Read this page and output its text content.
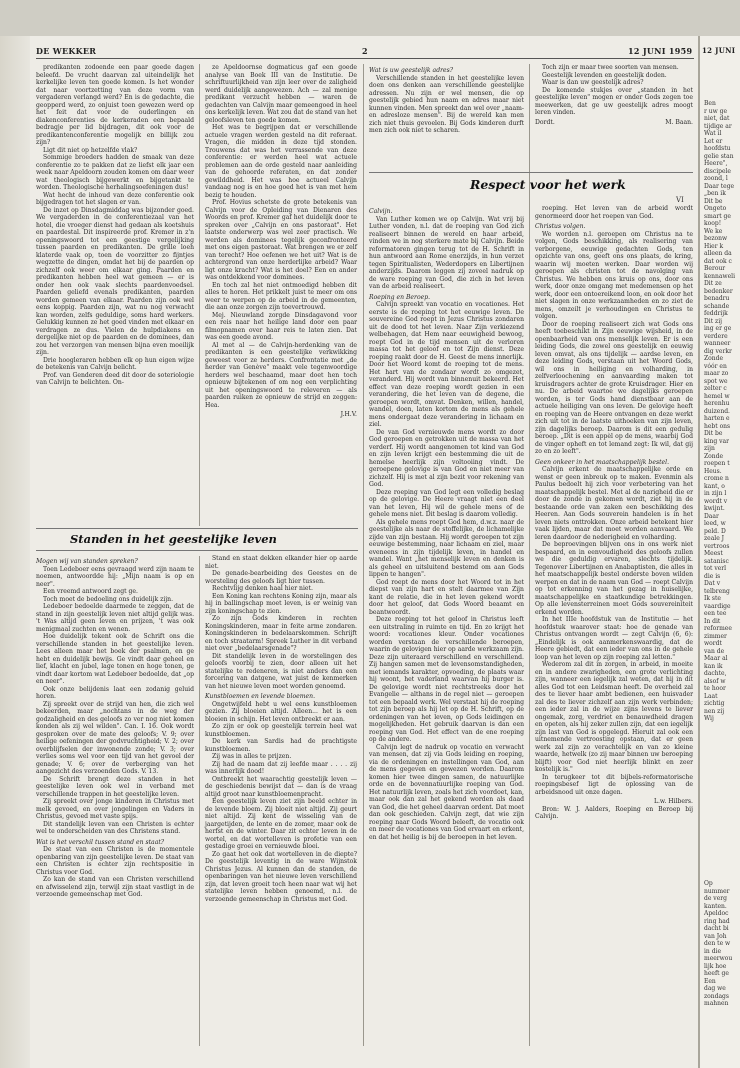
DE WEKKER	2	12 JUNI 1959 12 JUNI

predikanten zodoende een paar goede dagen beleefd. De vrucht daarvan zal uiteindelijk het kerkelijke leven ten goede komen. Is het wonder dat naar voortzetting van deze vorm van vergaderen verlangd werd? En is de gedachte, die geopperd werd, zo onjuist toen gewezen werd op het feit dat voor de ouderlingen en diakenconferenties de kerkeraden een bepaald bedragje per lid bijdragen, dit ook voor de predikantenconferentie mogelijk en billijk zou zijn?

Ligt dit niet op hetzelfde vlak?

Sommige broeders hadden de smaak van deze conferentie zo te pakken dat ze liefst elk jaar een week naar Apeldoorn zouden komen om daar weer wat theologisch bijgewerkt en bijgetankt te worden. Theologische herhalingsoefeningen dus!

Wat hecht de inhoud van deze conferentie ook bijgedragen tot het slagen er van.

De inzet op Dinsdagmiddag was bijzonder goed. We vergaderden in de conferentiezaal van het hotel, die vroeger dienst had gedaan als koetshuis en paardestal. Dit inspireerde prof. Kremer in z'n openingswoord tot een geestige vergelijking tussen paarden en predikanten. De grille loeh klaterde vaak op, toen de voorzitter zo fijntjes wegzette de dingen, omdat het bij de paarden op zichzelf ook weer om elkaar ging. Paarden en predikanten hebben heel wat gemeen — er is onder hen ook vaak slechts paardenvoedsel. Paarden geliefd evenals predikanten, paarden worden gemeen van elkaar. Paarden zijn ook wel eens koppig. Paarden zijn, wat nu nog verwacht kan worden, zelfs geduldige, soms hard werkers. Gelukkig kunnen ze het goed vinden met elkaar en verdragen ze dus. Vielen de hulpdiakens en dergelijke niet op de paarden en de dominees, dan zou het verzorgen van mensen bijna even moeilijk zijn.

Drie hoogleraren hebben elk op hun eigen wijze de betekenis van Calvijn belicht.

Prof. van Genderen deed dit door de soteriologie van Calvijn te belichten. On-

ze Apeldoornse dogmaticus gaf een goede analyse van Boek III van de Institutie. De schriftuurlijkheid van zijn leer over de zaligheid werd duidelijk aangewezen. Ach — zal menige predikant verzucht hebben — waren de gedachten van Calvijn maar gemeengoed in heel ons kerkelijk leven. Wat zou dat de stand van het geloofsleven ten goede komen.

Het was te begrijpen dat er verschillende actuele vragen werden gesteld na dit referaat. Vragen, die midden in deze tijd stonden. Trouwens dat was het verrassende van deze conferentie: er werden heel wat actuele problemen aan de orde gesteld naar aanleiding van de gehoorde referaten, en dat zonder gewilddheid. Het was hoe actueel Calvijn vandaag nog is en hoe goed het is van met hem bezig te houden.

Prof. Hovius schetste de grote betekenis van Calvijn voor de Opleiding van Dienaren des Woords en prof. Kremer gaf het duidelijk door te spreken over „Calvijn en ons pastoraat". Het laatste onderwerp was wel zeer practisch. We werden als dominees tegelijk geconfronteerd met ons eigen pastoraat. Wat brengen we er zelf van terecht? Hoe oefenen we het uit? Wat is de achtergrond van onze herderlijke arbeid? Waar ligt onze kracht? Wat is het doel? Een en ander was ontdekkend voor dominees.

En toch zal het niet ontmoedigd hebben dit alles te horen. Het prikkelt juist te meer om ons weer te werpen op de arbeid in de gemeenten, die aan onze zorgen zijn toevertrouwd.

Mej. Nieuwland zorgde Dinsdagavond voor een reis naar het heilige land door een paar filmopnamen over haar reis te laten zien. Dat was een goede avond.

Al met al — de Calvijn-herdenking van de predikanten is een geestelijke verkwikking geweest voor ze herders. Confrontatie met „de herder van Genève" maakt vele tegenwoordige herders wel beschaamd, maar doet hen toch opnieuw bijtekenen of om nog een verplichting uit het openingswoord te releveren — als paarden ruiken ze opnieuw de strijd en zeggen: Hea.

J.H.V.

Standen in het geestelijke leven

Mogen wij van standen spreken?

Toen Ledeboer eens gevraagd werd zijn naam te noemen, antwoordde hij: „Mijn naam is op en neer".

Een vreemd antwoord zegt ge.

Toch moet de bedoeling ons duidelijk zijn.

Ledeboer bedoelde daarmede te zeggen, dat de stand in zijn geestelijk leven niet altijd gelijk was. 't Was altijd geen leven en prijzen, 't was ook menigmaal zuchten en wenen.

Hoe duidelijk tekent ook de Schrift ons die verschillende standen in het geestelijke leven. Lees alleen maar het boek der psalmen, en ge hebt en duidelijk bewijs. Ge vindt daar geheel en lief, klacht en jubel, lage tonen en hoge tonen, ge vindt daar kortom wat Ledeboer bedoelde, dat „op en neer".

Ook onze belijdenis laat een zodanig geluid horen.

Zij spreekt over de strijd van hen, die zich wel bekeerden, maar „nochtans in de weg der godzaligheid en des geloofs zo ver nog niet komen konden als zij wel wilden". Can. I. 16. Ook wordt gesproken over de mate des geloofs; V. 9; over heilige oefeningen der godvruchtigheid; V. 2; over overblijfselen der inwonende zonde; V. 3; over verlies soms wel voor een tijd van het gevoel der genade; V. 6; over de verberging van het aangezicht des verzoenden Gods. V. 13.

De Schrift brengt deze standen in het geestelijke leven ook wel in verband met verschillende trappen in het geestelijke leven.

Zij spreekt over jonge kinderen in Christus met melk gevoed, en over jongelingen en Vaders in Christus, gevoed met vaste spijs.

Dit standelijk leven van een Christen is echter wel te onderscheiden van des Christens stand.

Wat is het verschil tussen stand en staat?

De staat van een Christen is de momentele openbaring van zijn geestelijke leven. De staat van een Christen is echter zijn rechtspositie in Christus voor God.

Zo kan de stand van een Christen verschillend en afwisselend zijn, terwijl zijn staat vastligt in de verzoende gemeenschap met God.

Stand en staat dekken elkander hier op aarde niet.

De genade-bearbeiding des Geestes en de worsteling des geloofs ligt hier tussen.

Rechtvlijg denken haal hier niet.

Een Koning kan rechtens Koning zijn, maar als hij in ballingschap moet leven, is er weinig van zijn koningschap te zien.

Zo zijn Gods kinderen in rechten Koningskinderen, maar in feite arme zondaren. Koningskinderen in bedelaarskommen. Schrijft en toch straatarm! Spreek Luther in dit verband niet over „bedelaarsgenade"?

Dit standelijk leven in de worstelingen des geloofs voorbij te zien, door alleen uit het statelijke te redeneren, is niet anders dan een forcering van datgene, wat juist de kenmerken van het nieuwe leven moet worden genoemd.

Kunstbloemen en levende bloemen.

Ongetwijfeld hebt u wel eens kunstbloemen gezien. Zij bloeien altijd. Alleen... het is een bloeien in schijn. Het leven ontbreekt er aan.

Zo zijn er ook op geestelijk terrein heel wat kunstbloemen.

De kerk van Sardis had de prachtigste kunstbloemen.

Zij was in alles te prijzen.

Zij had de naam dat zij leefde maar . . . . zij was innerlijk dood!

Ontbreekt het waarachtig geestelijk leven — de geschiedenis bewijst dat — dan is de vraag altijd groot naar kunstbloemenpracht.

Een geestelijk leven ziet zijn beeld echter in de levende bloem. Zij bloeit niet altijd. Zij geurt niet altijd. Zij kent de wisseling van de jaargetijden, de lente en de zomer, maar ook de herfst en de winter. Daar zit echter leven in de wortel, en dat wortelleven is profetie van een gestadige groei en vernieuwde bloei.

Zo gaat het ook dat wortelleven in de diepte? De geestelijk leventig in de ware Wijnstok Christus Jezus. Al kunnen dan de standen, de openbaringen van het nieuwe leven verschillend zijn, dat leven groeit toch heen naar wat wij het statelijke leven hebben genoemd, n.l. de verzoende gemeenschap in Christus met God.

Wat is uw geestelijk adres?

Verschillende standen in het geestelijke leven doen ons denken aan verschillende geestelijke adressen. Nu zijn er wel mensen, die op geestelijk gebied hun naam en adres maar niet kunnen vinden. Men spreekt dan wel over „naam- en adresloze mensen". Bij de wereld kan men zich niet thuis gevoelen. Bij Gods kinderen durft men zich ook niet te scharen.

Toch zijn er maar twee soorten van mensen.

Geestelijk levenden en geestelijk doden.

Waar is dan uw geestelijk adres?

De komende stukjes over „standen in het geestelijke leven" mogen er onder Gods zegen toe meewerken, dat ge uw geestelijk adres moogt leren vinden.

Dordt.	M. Baan.
Respect voor het werk
VI

Calvijn.

Van Luther komen we op Calvijn. Wat vrij bij Luther vonden, n.l. dat de roeping van God zich realiseert binnen de wereld en haar arbeid, vinden we in nog sterkere mate bij Calvijn. Beide reformatoren gingen terug tot de H. Schrift in hun antwoord aan Rome enerzijds, in hun verzet tegen Spiritualisten, Wederdopers en Libertijnen anderzijds. Daarom leggen zij zoveel nadruk op de ware roeping van God, die zich in het leven van de arbeid realiseert.

Roeping en Beroep.

Calvijn spreekt van vocatio en vocationes. Het eerste is de roeping tot het eeuwige leven. De souvereine God roept in Jezus Christus zondaren uit de dood tot het leven. Naar Zijn verkiezend welbehagen, dat Hem naar eeuwigheid bewoog, roept God in de tijd mensen uit de verloren massa tot het geloof en tot Zijn dienst. Deze roeping raakt door de H. Geest de mens innerlijk. Door het Woord komt de roeping tot de mens. Het hart van de zondaar wordt zo omgezet, veranderd. Hij wordt van binnenuit bekeerd. Het effect van deze roeping wordt gezien in een verandering, die het leven van de degene, die geroepen wordt, omvat. Denken, willen, handel, wandel, doen, laten kortom de mens als gehele mens ondergaat deze verandering in lichaam en ziel.

De van God vernieuwde mens wordt zo door God geroepen en getrokken uit de massa van het verderf. Hij wordt aangenomen tot kind van God en zijn leven krijgt een bestemming die uit de hemelse heerlijk zijn voltooiing vindt. De geroepene gelovige is van God en niet meer van zichzelf. Hij is met al zijn bezit voor rekening van God.

Deze roeping van God legt een volledig beslag op de gelovige. De Heere vraagt niet een deel van het leven, Hij wil de gehele mens of de gehele mens niet. Dit beslag is daarom volledig.

Als gehele mens roept God hem, d.w.z. naar de geestelijke als naar de stoffelijke, de lichamelijke zijde van zijn bestaan. Hij wordt geroepen tot zijn eeuwige bestemming, naar lichaam en ziel, maar eveneens in zijn tijdelijk leven, in handel en wandel. Want „het menselijk leven en denken is als geheel en uitsluitend bestemd om aan Gods lippen te hangen".

God roept de mens door het Woord tot in het diepst van zijn hart en stelt daarmee van Zijn kant de relatie, die in het leven gekend wordt door het geloof, dat Gods Woord beaamt en beantwoordt.

Deze roeping tot het geloof in Christus leeft een uitstraling in ruimte en tijd. En zo krijgt het woord: vocationes kleur. Onder vocationes worden verstaan de verschillende beroepen, waarin de gelovigen hier op aarde werkzaam zijn. Deze zijn uiteraard verschillend en verschillend. Zij hangen samen met de levensomstandigheden, met iemands karakter, opvoeding, de plaats waar hij woont, het vaderland waarvan hij burger is. De gelovige wordt niet rechtstreeks door het Evangelie — althans in de regel niet — geroepen tot een bepaald werk. Wel verstaat hij de roeping tot zijn beroep als hij let op de H. Schrift, op de ordeningen van het leven, op Gods leidingen en mogelijkheden. Het gebruik daarvan is dan een roeping van God. Het effect van de ene roeping op de andere.

Calvijn legt de nadruk op vocatio en verwacht van mensen, dat zij via Gods leiding en roeping, via de ordeningen en instellingen van God, aan de mens gegeven en gewezen worden. Daarom komen hier twee dingen samen, de natuurlijke orde en de bovennatuurlijke roeping van God. Het natuurlijk leven, zoals het zich voordoet, kan, maar ook dan zal het gekend worden als daad van God, die het geheel daarvan ordent. Dat moet dan ook geschieden. Calvijn zegt, dat wie zijn roeping naar Gods Woord beleeft, de vocatio ook en meer de vocationes van God ervaart en erkent, en dat het heilig is bij de beroepen in het leven.

roeping. Het leven van de arbeid wordt genormeerd door het roepen van God.

Christus volgen.

We worden n.l. geroepen om Christus na te volgen, Gods beschikking, als realisering van verborgene, eeuwige gedachten Gods, ten opzichte van ons, geeft ons ons plaats, de kring, waarin wij moeten werken. Daar worden wij geroepen als christen tot de navolging van Christus. We hebben ons kruis op ons, door ons werk, door onze omgang met medemensen op het werk, door een ontoereikend loon, en ook door het niet slagen in onze werkzaamheden en zo ziet de mens, omzeilt je verhoudingen en Christus te volgen.

Door de roeping realiseert zich wat Gods ons heeft toebeschikt in Zijn eeuwige wijsheid, in de openbaarheid van ons menselijk leven. Er is een leiding Gods, die zowel ons geestelijk en eeuwig leven omvat, als ons tijdelijk — aardse leven, en deze leiding Gods, verstaan uit het Woord Gods, wil ons in heiliging en volharding, in zelfverloochening en aanvaarding maken tot kruisdragers achter de grote Kruisdrager. Hier en nu. De arbeid waartoe we dagelijks geroepen worden, is ter Gods hand dienstbaar aan de actuele heiliging van ons leven. De gelovige heeft en roeping van de Heere ontvangen en deze werkt zich uit tot in de laatste uithoeken van zijn leven, zijn dagelijks beroep. Daarom is dit een gedulig beroep. „Dit is een appèl op de mens, waarbij God de vinger opheft en tot lemand zegt: Ik wil, dat gij zo en zo leeft".

Geen onkeer in het maatschappelijk bestel.

Calvijn erkent de maatschappelijke orde en wenst er geen inbreuk op te maken. Evenmin als Paulus bedoelt hij zich voor verbetering van het maatschappelijk bestel. Met al de narigheid die er door de zonde in gekomen wordt, ziet hij in de bestaande orde van zaken een beschikking des Heeren. Aan Gods souverein handelen is in het leven niets onttrokken. Onze arbeid betekent hier vaak lijden, maar dat moet worden aanvaard. We leren daardoor de nederigheid en volharding.

De beproevingen blijven ons in ons werk niet bespaard, en in eenvoudigheid des geloofs zullen we die geduldig ervaren, slechts tijdelijk. Tegenover Libertijnen en Anabaptisten, die alles in het maatschappelijk bestel onderste boven wilden werpen en dat in de naam van God — roept Calvijn op tot erkenning van het gezag in huiselijke, maatschappelijke en staatkundige betrekkingen. Op alle levensterreinen moet Gods souvereiniteit erkend worden.

In het IIIe hoofdstuk van de Institutie — het hoofdstuk waarover staat: hoe de genade van Christus ontvangen wordt — zegt Calvijn (6, 6): „Eindelijk is ook aanmerkenswaardig, dat de Heere gebiedt, dat een ieder van ons in de gehele loop van het leven op zijn roeping zal letten."

Wederom zal dit in zorgen, in arbeid, in moeite en in andere zwarigheden, een grote verlichting zijn, wanneer een iegelijk zal weten, dat hij in dit alles God tot een Leidsman heeft. De overheid zal des te liever haar ambt bedienen, een huisvader zal des te liever zichzelf aan zijn werk verbinden; een ieder zal in de wijze zijns levens te liever ongemak, zorg, verdriet en benauwdheid dragen en opeten, als hij zeker zullen zijn, dat een iegelijk zijn last van God is opgelegd. Hieruit zal ook een uitnemende vertroosting opstaan, dat er geen werk zal zijn zo verachtelijk en van zo kleine waarde, hetwelk (zo zij maar binnen uw beroeping blijft) voor God niet heerlijk blinkt en zeer kostelijk is."

In terugkeer tot dit bijbels-reformatorische roepingsbesef ligt de oplossing van de arbeidsnood uit onze dagen.

L.w. Hilbers.

Bron: W. J. Aalders, Roeping en Beroep bij Calvijn.

Ben
r uw ge
niet, dat
tijdige ar
Wat il
Let er
hoofdstu
gelie stan
Heere",
discipele
zoond, l
Daar tege
„ben ik
Dit be
Ongeto
smart ge
koop!
We ke
bezonw
Hier k
alleen da
dat ook c
Berour
kennaweli
Dit ze
bedenker
benadru
schande
feddrijk
Dit zij
ing er ge
verdere
wanneer
dig verkr
Zonde
vóór en
maar zo
spot we
zelter c
hemel w
herenhu
duizend.
harten e
hebt ons
Dit be
king var
zijn
Zonde
roepen t
Heus.
crome n
kant, o
in zijn l
wordt v
kwijnt.
Daar
leed, w
peld. D
zeale J
vertroos
Meest
satanisc
tot verl
die is
Dat v
telbreng
Ik ste
vaardige
een tee
In dit
reformee
zimmer
wordt
van de
Maar al
kan ik
dachte,
alsof w
te hoor
Laat
zichtig
nen zij
Wij
Op
nummer
de verg
kanten.
Apeldoc
ring had
dacht bi
van Joh
den te w
in die
meerwou
lijk hoe
heeft ge
Een
dag we
zondags
mahnen
